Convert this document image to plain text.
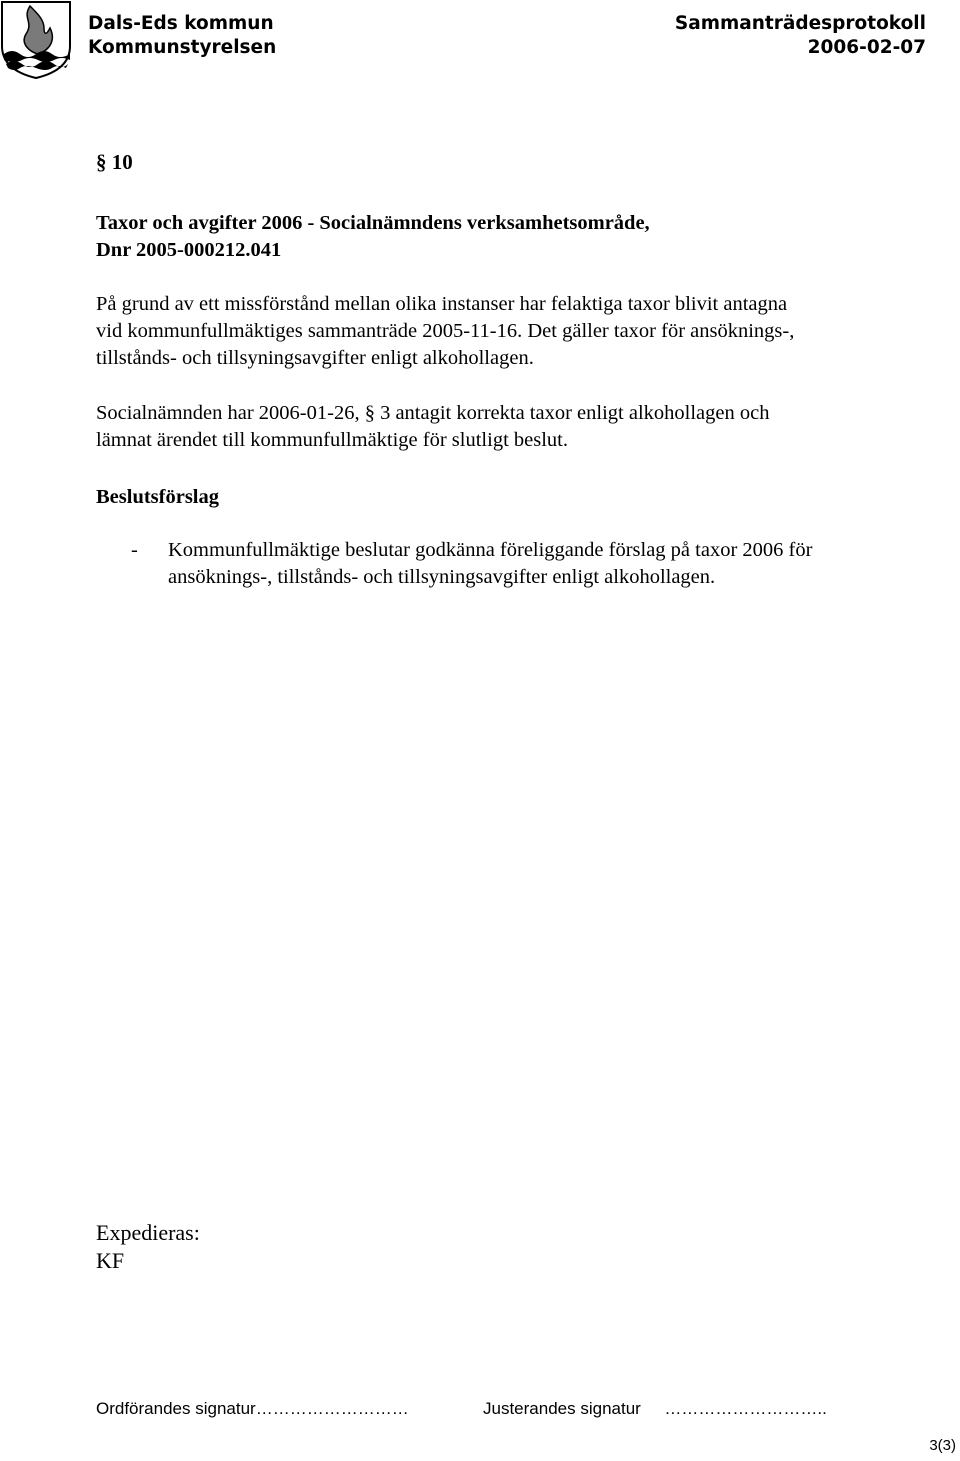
Dals-Eds kommun
Kommunstyrelsen
Sammanträdesprotokoll
2006-02-07
§ 10
Taxor och avgifter 2006 - Socialnämndens verksamhetsområde,
Dnr 2005-000212.041
På grund av ett missförstånd mellan olika instanser har felaktiga taxor blivit antagna
vid kommunfullmäktiges sammanträde 2005-11-16. Det gäller taxor för ansöknings-,
tillstånds- och tillsyningsavgifter enligt alkohollagen.
Socialnämnden har 2006-01-26, § 3 antagit korrekta taxor enligt alkohollagen och
lämnat ärendet till kommunfullmäktige för slutligt beslut.
Beslutsförslag
- Kommunfullmäktige beslutar godkänna föreliggande förslag på taxor 2006 för
ansöknings-, tillstånds- och tillsyningsavgifter enligt alkohollagen.
Expedieras:
KF
Ordförandes signatur………………………	Justerandes signatur     ………………………..
3(3)
